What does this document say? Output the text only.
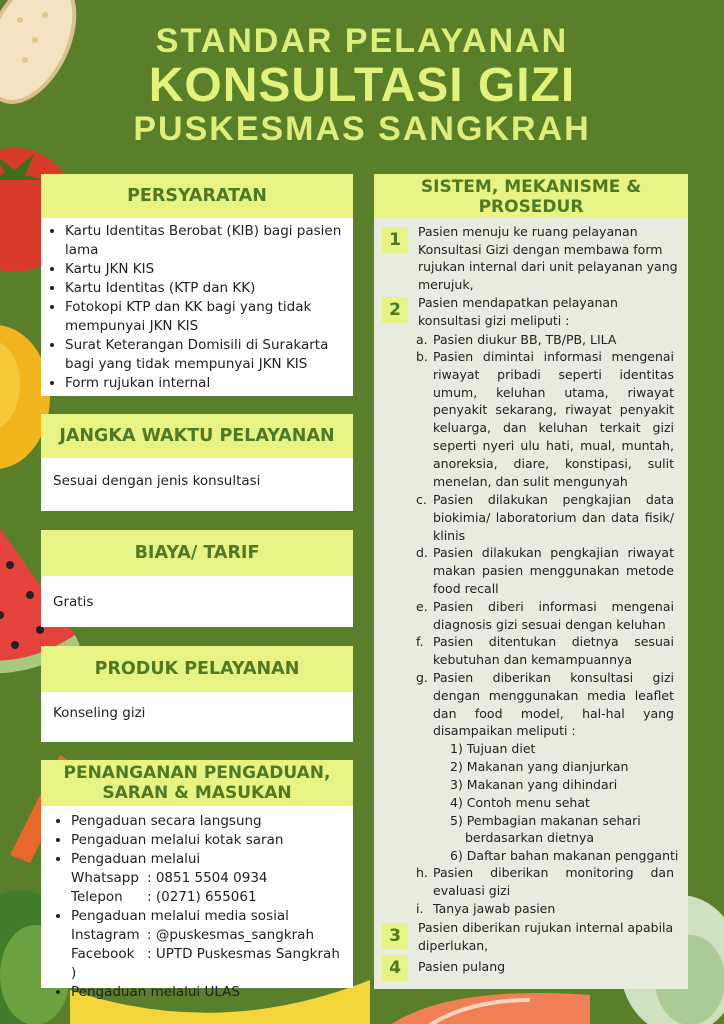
STANDAR PELAYANAN
KONSULTASI GIZI
PUSKESMAS SANGKRAH
PERSYARATAN
• Kartu Identitas Berobat (KIB) bagi pasien lama
• Kartu JKN KIS
• Kartu Identitas (KTP dan KK)
• Fotokopi KTP dan KK bagi yang tidak mempunyai JKN KIS
• Surat Keterangan Domisili di Surakarta bagi yang tidak mempunyai JKN KIS
• Form rujukan internal
JANGKA WAKTU PELAYANAN
Sesuai dengan jenis konsultasi
BIAYA/ TARIF
Gratis
PRODUK PELAYANAN
Konseling gizi
PENANGANAN PENGADUAN,
SARAN & MASUKAN
• Pengaduan secara langsung
• Pengaduan melalui kotak saran
• Pengaduan melalui
Whatsapp : 0851 5504 0934
Telepon : (0271) 655061
• Pengaduan melalui media sosial
Instagram : @puskesmas_sangkrah
Facebook : UPTD Puskesmas Sangkrah )
• Pengaduan melalui ULAS
SISTEM, MEKANISME &
PROSEDUR
1	Pasien menuju ke ruang pelayanan Konsultasi Gizi dengan membawa form rujukan internal dari unit pelayanan yang merujuk,
2	Pasien mendapatkan pelayanan konsultasi gizi meliputi :
a. Pasien diukur BB, TB/PB, LILA
b. Pasien dimintai informasi mengenai riwayat pribadi seperti identitas umum, keluhan utama, riwayat penyakit sekarang, riwayat penyakit keluarga, dan keluhan terkait gizi seperti nyeri ulu hati, mual, muntah, anoreksia, diare, konstipasi, sulit menelan, dan sulit mengunyah
c. Pasien dilakukan pengkajian data biokimia/ laboratorium dan data fisik/ klinis
d. Pasien dilakukan pengkajian riwayat makan pasien menggunakan metode food recall
e. Pasien diberi informasi mengenai diagnosis gizi sesuai dengan keluhan
f. Pasien ditentukan dietnya sesuai kebutuhan dan kemampuannya
g. Pasien diberikan konsultasi gizi dengan menggunakan media leaflet dan food model, hal-hal yang disampaikan meliputi :
1) Tujuan diet
2) Makanan yang dianjurkan
3) Makanan yang dihindari
4) Contoh menu sehat
5) Pembagian makanan sehari
berdasarkan dietnya
6) Daftar bahan makanan pengganti
h. Pasien diberikan monitoring dan evaluasi gizi
i. Tanya jawab pasien
3	Pasien diberikan rujukan internal apabila diperlukan,
4	Pasien pulang
